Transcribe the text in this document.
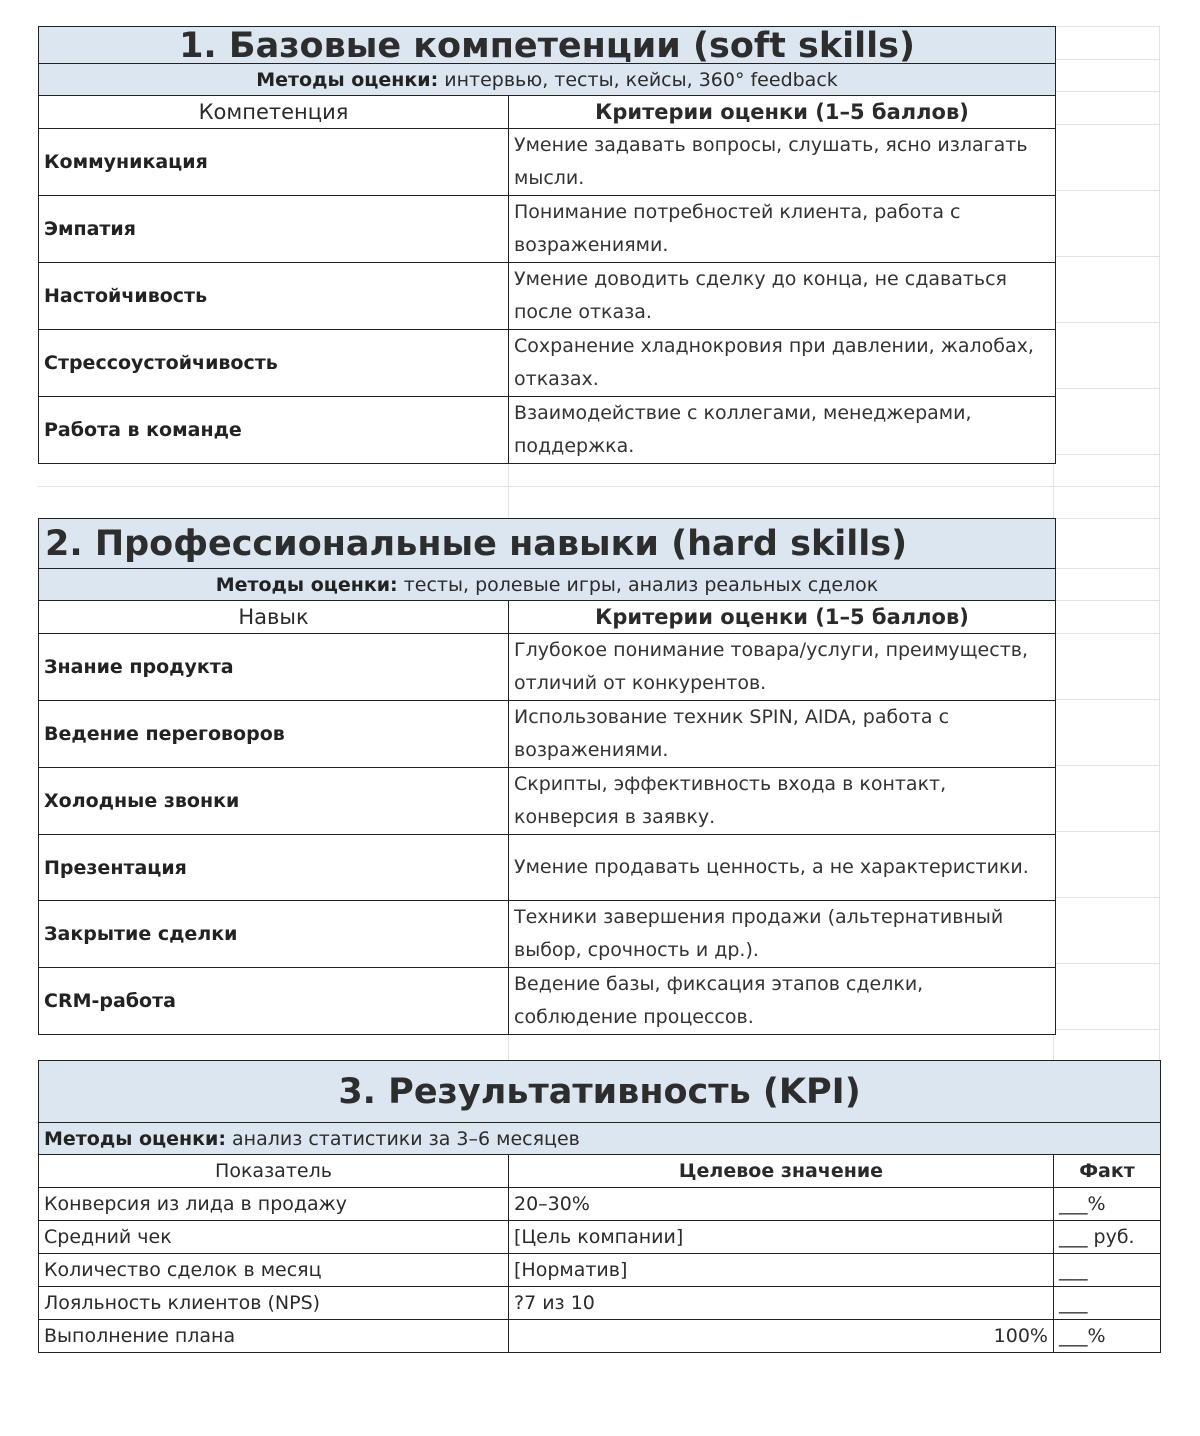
1. Базовые компетенции (soft skills)	
Методы оценки: интервью, тесты, кейсы, 360° feedback	
Компетенция	Критерии оценки (1–5 баллов)
Коммуникация	Умение задавать вопросы, слушать, ясно излагать мысли.
Эмпатия	Понимание потребностей клиента, работа с возражениями.
Настойчивость	Умение доводить сделку до конца, не сдаваться после отказа.
Стрессоустойчивость	Сохранение хладнокровия при давлении, жалобах, отказах.
Работа в команде	Взаимодействие с коллегами, менеджерами, поддержка.
2. Профессиональные навыки (hard skills)	
Методы оценки: тесты, ролевые игры, анализ реальных сделок	
Навык	Критерии оценки (1–5 баллов)
Знание продукта	Глубокое понимание товара/услуги, преимуществ, отличий от конкурентов.
Ведение переговоров	Использование техник SPIN, AIDA, работа с возражениями.
Холодные звонки	Скрипты, эффективность входа в контакт, конверсия в заявку.
Презентация	Умение продавать ценность, а не характеристики.
Закрытие сделки	Техники завершения продажи (альтернативный выбор, срочность и др.).
CRM-работа	Ведение базы, фиксация этапов сделки, соблюдение процессов.
3. Результативность (KPI)		
Методы оценки: анализ статистики за 3–6 месяцев		
Показатель	Целевое значение	Факт
Конверсия из лида в продажу	20–30%	___%
Средний чек	[Цель компании]	___ руб.
Количество сделок в месяц	[Норматив]	___
Лояльность клиентов (NPS)	?7 из 10	___
Выполнение плана	100%	___%
